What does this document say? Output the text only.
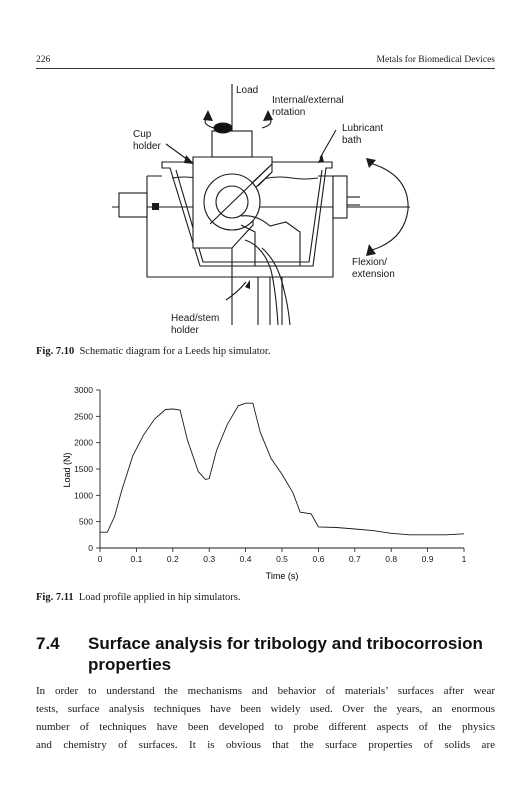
226	Metals for Biomedical Devices
Load
Internal/external
rotation
Cup
holder
Lubricant
bath
Flexion/
extension
Head/stem
holder
Fig. 7.10 Schematic diagram for a Leeds hip simulator.
Time (s)
Load (N)
0	0.1	0.2	0.3	0.4	0.5	0.6	0.7	0.8	0.9	1
0
500
1000
1500
2000
2500
3000
Fig. 7.11 Load profile applied in hip simulators.
7.4 Surface analysis for tribology and tribocorrosion properties
In order to understand the mechanisms and behavior of materials’ surfaces after wear
tests, surface analysis techniques have been widely used. Over the years, an enormous
number of techniques have been developed to probe different aspects of the physics
and chemistry of surfaces. It is obvious that the surface properties of solids are
